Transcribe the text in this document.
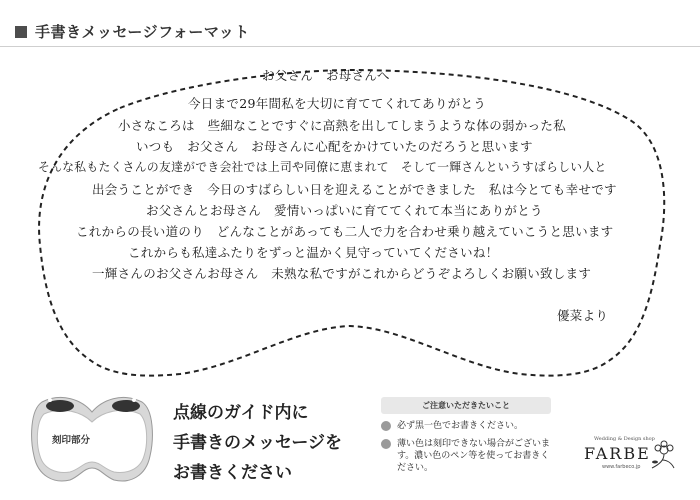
手書きメッセージフォーマット
お父さん　お母さんへ
今日まで29年間私を大切に育ててくれてありがとう
小さなころは　些細なことですぐに高熱を出してしまうような体の弱かった私
いつも　お父さん　お母さんに心配をかけていたのだろうと思います
そんな私もたくさんの友達ができ会社では上司や同僚に恵まれて　そして一輝さんというすばらしい人と
出会うことができ　今日のすばらしい日を迎えることができました　私は今とても幸せです
お父さんとお母さん　愛情いっぱいに育ててくれて本当にありがとう
これからの長い道のり　どんなことがあっても二人で力を合わせ乗り越えていこうと思います
これからも私達ふたりをずっと温かく見守っていてくださいね！
一輝さんのお父さんお母さん　未熟な私ですがこれからどうぞよろしくお願い致します
優菜より
刻印部分
点線のガイド内に
手書きのメッセージを
お書きください
ご注意いただきたいこと
必ず黒一色でお書きください。
薄い色は刻印できない場合がございます。濃い色のペン等を使ってお書きください。
Wedding & Design shop
FARBE
www.farbeco.jp
